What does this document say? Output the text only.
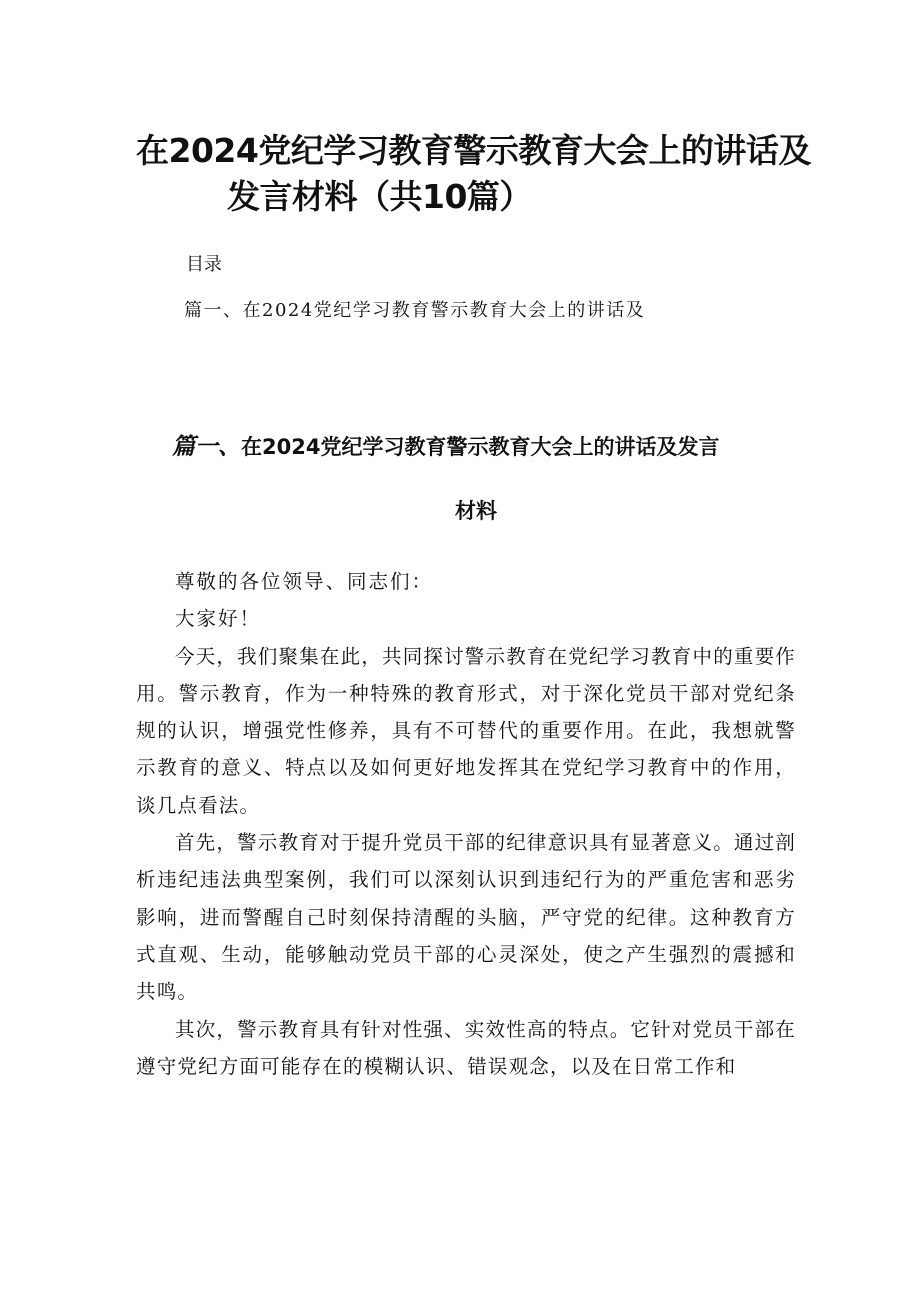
在2024党纪学习教育警示教育大会上的讲话及
发言材料（共10篇）
目录
篇一、在2024党纪学习教育警示教育大会上的讲话及
篇一、在2024党纪学习教育警示教育大会上的讲话及发言
材料

尊敬的各位领导、同志们：

大家好！

今天，我们聚集在此，共同探讨警示教育在党纪学习教育中的重要作用。警示教育，作为一种特殊的教育形式，对于深化党员干部对党纪条规的认识，增强党性修养，具有不可替代的重要作用。在此，我想就警示教育的意义、特点以及如何更好地发挥其在党纪学习教育中的作用，谈几点看法。

首先，警示教育对于提升党员干部的纪律意识具有显著意义。通过剖析违纪违法典型案例，我们可以深刻认识到违纪行为的严重危害和恶劣影响，进而警醒自己时刻保持清醒的头脑，严守党的纪律。这种教育方式直观、生动，能够触动党员干部的心灵深处，使之产生强烈的震撼和共鸣。

其次，警示教育具有针对性强、实效性高的特点。它针对党员干部在遵守党纪方面可能存在的模糊认识、错误观念，以及在日常工作和
